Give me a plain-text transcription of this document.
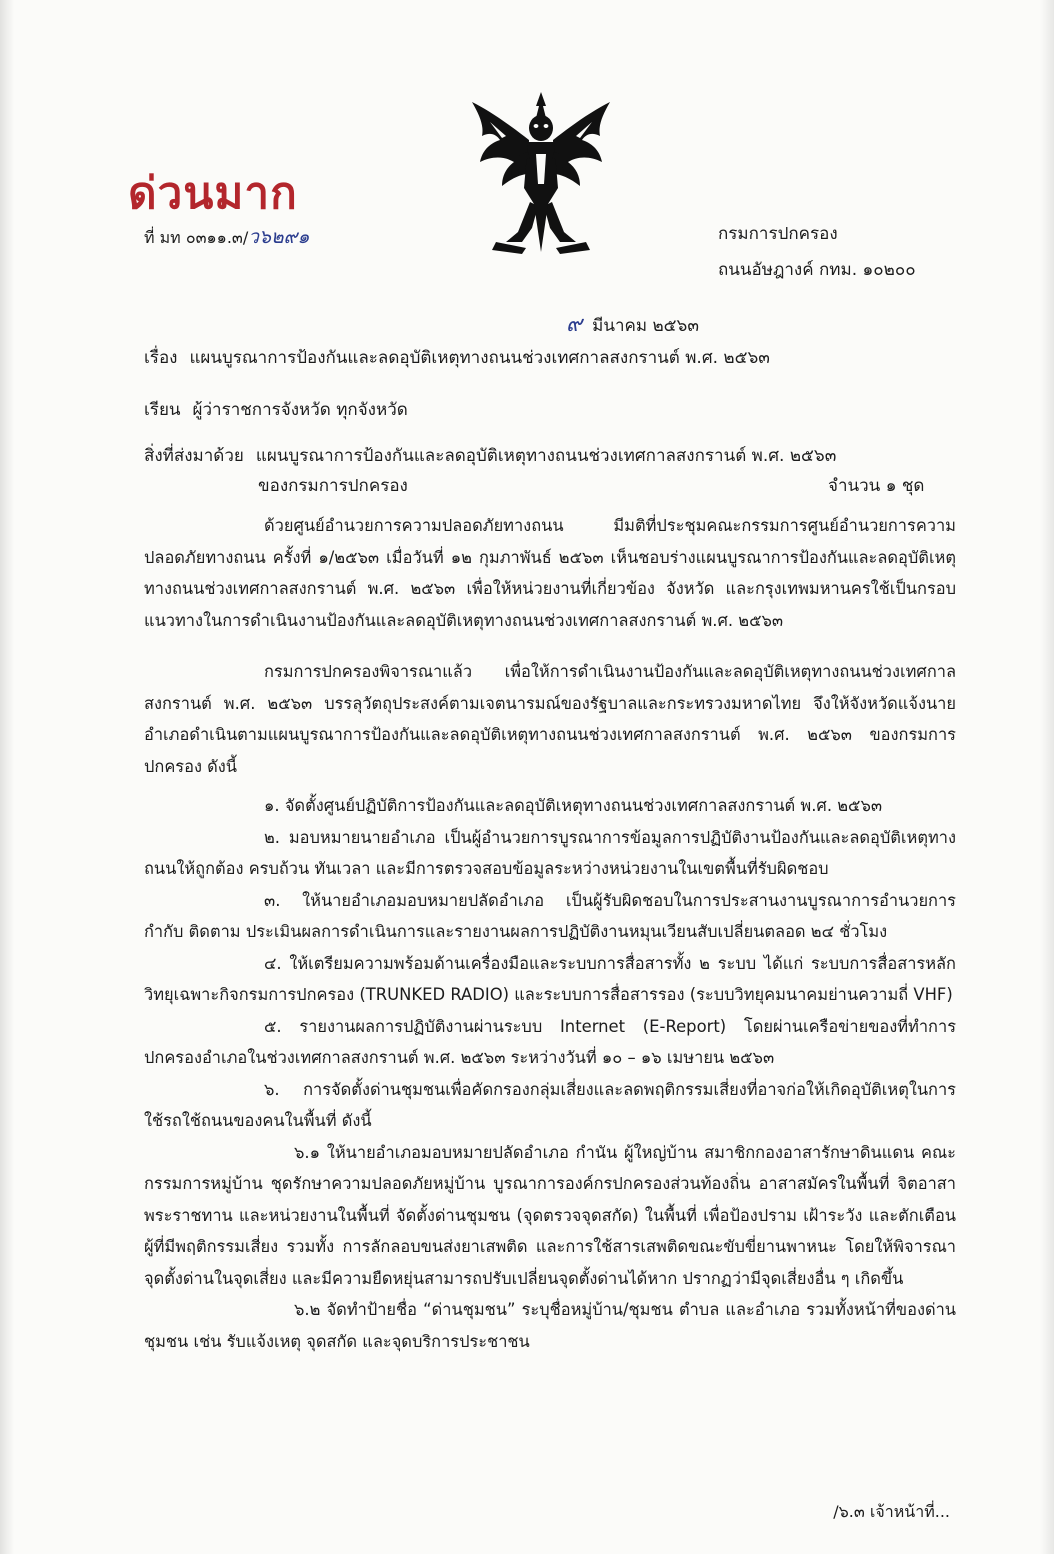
ด่วนมาก
ที่ มท ๐๓๑๑.๓/ว๖๒๙๑	กรมการปกครอง
ถนนอัษฎางค์ กทม. ๑๐๒๐๐
๙ มีนาคม ๒๕๖๓
เรื่อง แผนบูรณาการป้องกันและลดอุบัติเหตุทางถนนช่วงเทศกาลสงกรานต์ พ.ศ. ๒๕๖๓
เรียน ผู้ว่าราชการจังหวัด ทุกจังหวัด
สิ่งที่ส่งมาด้วย แผนบูรณาการป้องกันและลดอุบัติเหตุทางถนนช่วงเทศกาลสงกรานต์ พ.ศ. ๒๕๖๓
ของกรมการปกครอง	จำนวน ๑ ชุด

ด้วยศูนย์อำนวยการความปลอดภัยทางถนน มีมติที่ประชุมคณะกรรมการศูนย์อำนวยการความปลอดภัยทางถนน ครั้งที่ ๑/๒๕๖๓ เมื่อวันที่ ๑๒ กุมภาพันธ์ ๒๕๖๓ เห็นชอบร่างแผนบูรณาการป้องกันและลดอุบัติเหตุทางถนนช่วงเทศกาลสงกรานต์ พ.ศ. ๒๕๖๓ เพื่อให้หน่วยงานที่เกี่ยวข้อง จังหวัด และกรุงเทพมหานครใช้เป็นกรอบแนวทางในการดำเนินงานป้องกันและลดอุบัติเหตุทางถนนช่วงเทศกาลสงกรานต์ พ.ศ. ๒๕๖๓

กรมการปกครองพิจารณาแล้ว เพื่อให้การดำเนินงานป้องกันและลดอุบัติเหตุทางถนนช่วงเทศกาลสงกรานต์ พ.ศ. ๒๕๖๓ บรรลุวัตถุประสงค์ตามเจตนารมณ์ของรัฐบาลและกระทรวงมหาดไทย จึงให้จังหวัดแจ้งนายอำเภอดำเนินตามแผนบูรณาการป้องกันและลดอุบัติเหตุทางถนนช่วงเทศกาลสงกรานต์ พ.ศ. ๒๕๖๓ ของกรมการปกครอง ดังนี้

๑. จัดตั้งศูนย์ปฏิบัติการป้องกันและลดอุบัติเหตุทางถนนช่วงเทศกาลสงกรานต์ พ.ศ. ๒๕๖๓

๒. มอบหมายนายอำเภอ เป็นผู้อำนวยการบูรณาการข้อมูลการปฏิบัติงานป้องกันและลดอุบัติเหตุทางถนนให้ถูกต้อง ครบถ้วน ทันเวลา และมีการตรวจสอบข้อมูลระหว่างหน่วยงานในเขตพื้นที่รับผิดชอบ

๓. ให้นายอำเภอมอบหมายปลัดอำเภอ เป็นผู้รับผิดชอบในการประสานงานบูรณาการอำนวยการ กำกับ ติดตาม ประเมินผลการดำเนินการและรายงานผลการปฏิบัติงานหมุนเวียนสับเปลี่ยนตลอด ๒๔ ชั่วโมง

๔. ให้เตรียมความพร้อมด้านเครื่องมือและระบบการสื่อสารทั้ง ๒ ระบบ ได้แก่ ระบบการสื่อสารหลัก วิทยุเฉพาะกิจกรมการปกครอง (TRUNKED RADIO) และระบบการสื่อสารรอง (ระบบวิทยุคมนาคมย่านความถี่ VHF)

๕. รายงานผลการปฏิบัติงานผ่านระบบ Internet (E-Report) โดยผ่านเครือข่ายของที่ทำการปกครองอำเภอในช่วงเทศกาลสงกรานต์ พ.ศ. ๒๕๖๓ ระหว่างวันที่ ๑๐ – ๑๖ เมษายน ๒๕๖๓

๖. การจัดตั้งด่านชุมชนเพื่อคัดกรองกลุ่มเสี่ยงและลดพฤติกรรมเสี่ยงที่อาจก่อให้เกิดอุบัติเหตุในการใช้รถใช้ถนนของคนในพื้นที่ ดังนี้

๖.๑ ให้นายอำเภอมอบหมายปลัดอำเภอ กำนัน ผู้ใหญ่บ้าน สมาชิกกองอาสารักษาดินแดน คณะกรรมการหมู่บ้าน ชุดรักษาความปลอดภัยหมู่บ้าน บูรณาการองค์กรปกครองส่วนท้องถิ่น อาสาสมัครในพื้นที่ จิตอาสาพระราชทาน และหน่วยงานในพื้นที่ จัดตั้งด่านชุมชน (จุดตรวจจุดสกัด) ในพื้นที่ เพื่อป้องปราม เฝ้าระวัง และตักเตือนผู้ที่มีพฤติกรรมเสี่ยง รวมทั้ง การลักลอบขนส่งยาเสพติด และการใช้สารเสพติดขณะขับขี่ยานพาหนะ โดยให้พิจารณาจุดตั้งด่านในจุดเสี่ยง และมีความยืดหยุ่นสามารถปรับเปลี่ยนจุดตั้งด่านได้หาก ปรากฏว่ามีจุดเสี่ยงอื่น ๆ เกิดขึ้น

๖.๒ จัดทำป้ายชื่อ “ด่านชุมชน” ระบุชื่อหมู่บ้าน/ชุมชน ตำบล และอำเภอ รวมทั้งหน้าที่ของด่านชุมชน เช่น รับแจ้งเหตุ จุดสกัด และจุดบริการประชาชน

/๖.๓ เจ้าหน้าที่...
